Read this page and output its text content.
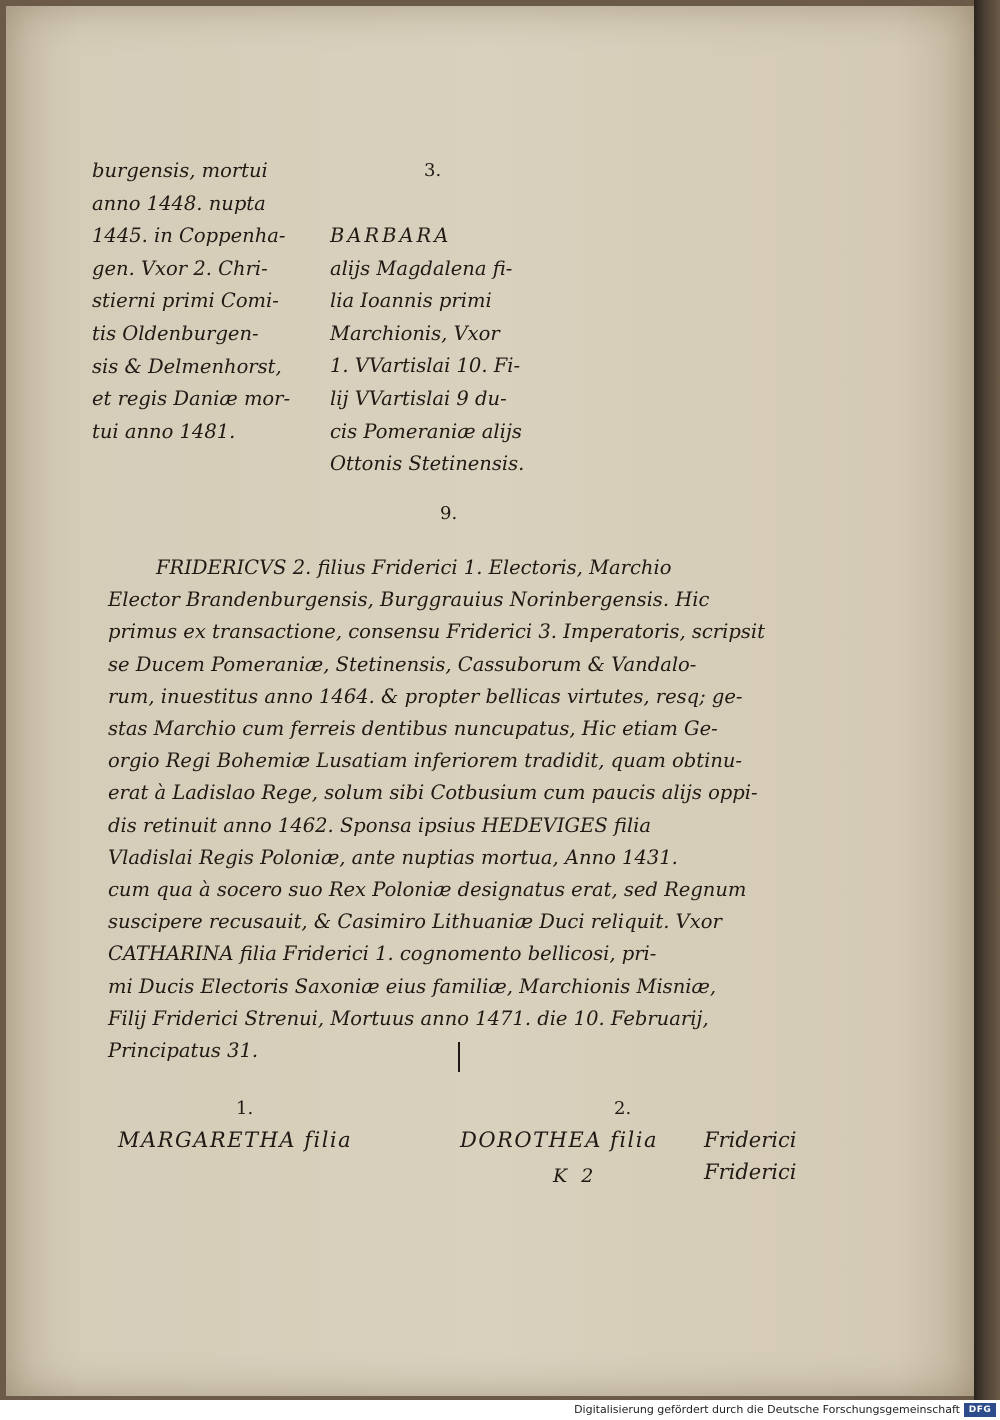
burgensis, mortui
anno 1448. nupta
1445. in Coppenha-
gen. Vxor 2. Chri-
stierni primi Comi-
tis Oldenburgen-
sis & Delmenhorst,
et regis Daniæ mor-
tui anno 1481.
3.
BARBARA
alijs Magdalena fi-
lia Ioannis primi
Marchionis, Vxor
1. VVartislai 10. Fi-
lij VVartislai 9 du-
cis Pomeraniæ alijs
Ottonis Stetinensis.
9.
FRIDERICVS 2. filius Friderici 1. Electoris, Marchio
Elector Brandenburgensis, Burggrauius Norinbergensis. Hic
primus ex transactione, consensu Friderici 3. Imperatoris, scripsit
se Ducem Pomeraniæ, Stetinensis, Cassuborum & Vandalo-
rum, inuestitus anno 1464. & propter bellicas virtutes, resq; ge-
stas Marchio cum ferreis dentibus nuncupatus, Hic etiam Ge-
orgio Regi Bohemiæ Lusatiam inferiorem tradidit, quam obtinu-
erat à Ladislao Rege, solum sibi Cotbusium cum paucis alijs oppi-
dis retinuit anno 1462. Sponsa ipsius HEDEVIGES filia
Vladislai Regis Poloniæ, ante nuptias mortua, Anno 1431.
cum qua à socero suo Rex Poloniæ designatus erat, sed Regnum
suscipere recusauit, & Casimiro Lithuaniæ Duci reliquit. Vxor
CATHARINA filia Friderici 1. cognomento bellicosi, pri-
mi Ducis Electoris Saxoniæ eius familiæ, Marchionis Misniæ,
Filij Friderici Strenui, Mortuus anno 1471. die 10. Februarij,
Principatus 31.
1.	2.
MARGARETHA filia	DOROTHEA filia Friderici
K 2	Friderici
Digitalisierung gefördert durch die Deutsche Forschungsgemeinschaft DFG
